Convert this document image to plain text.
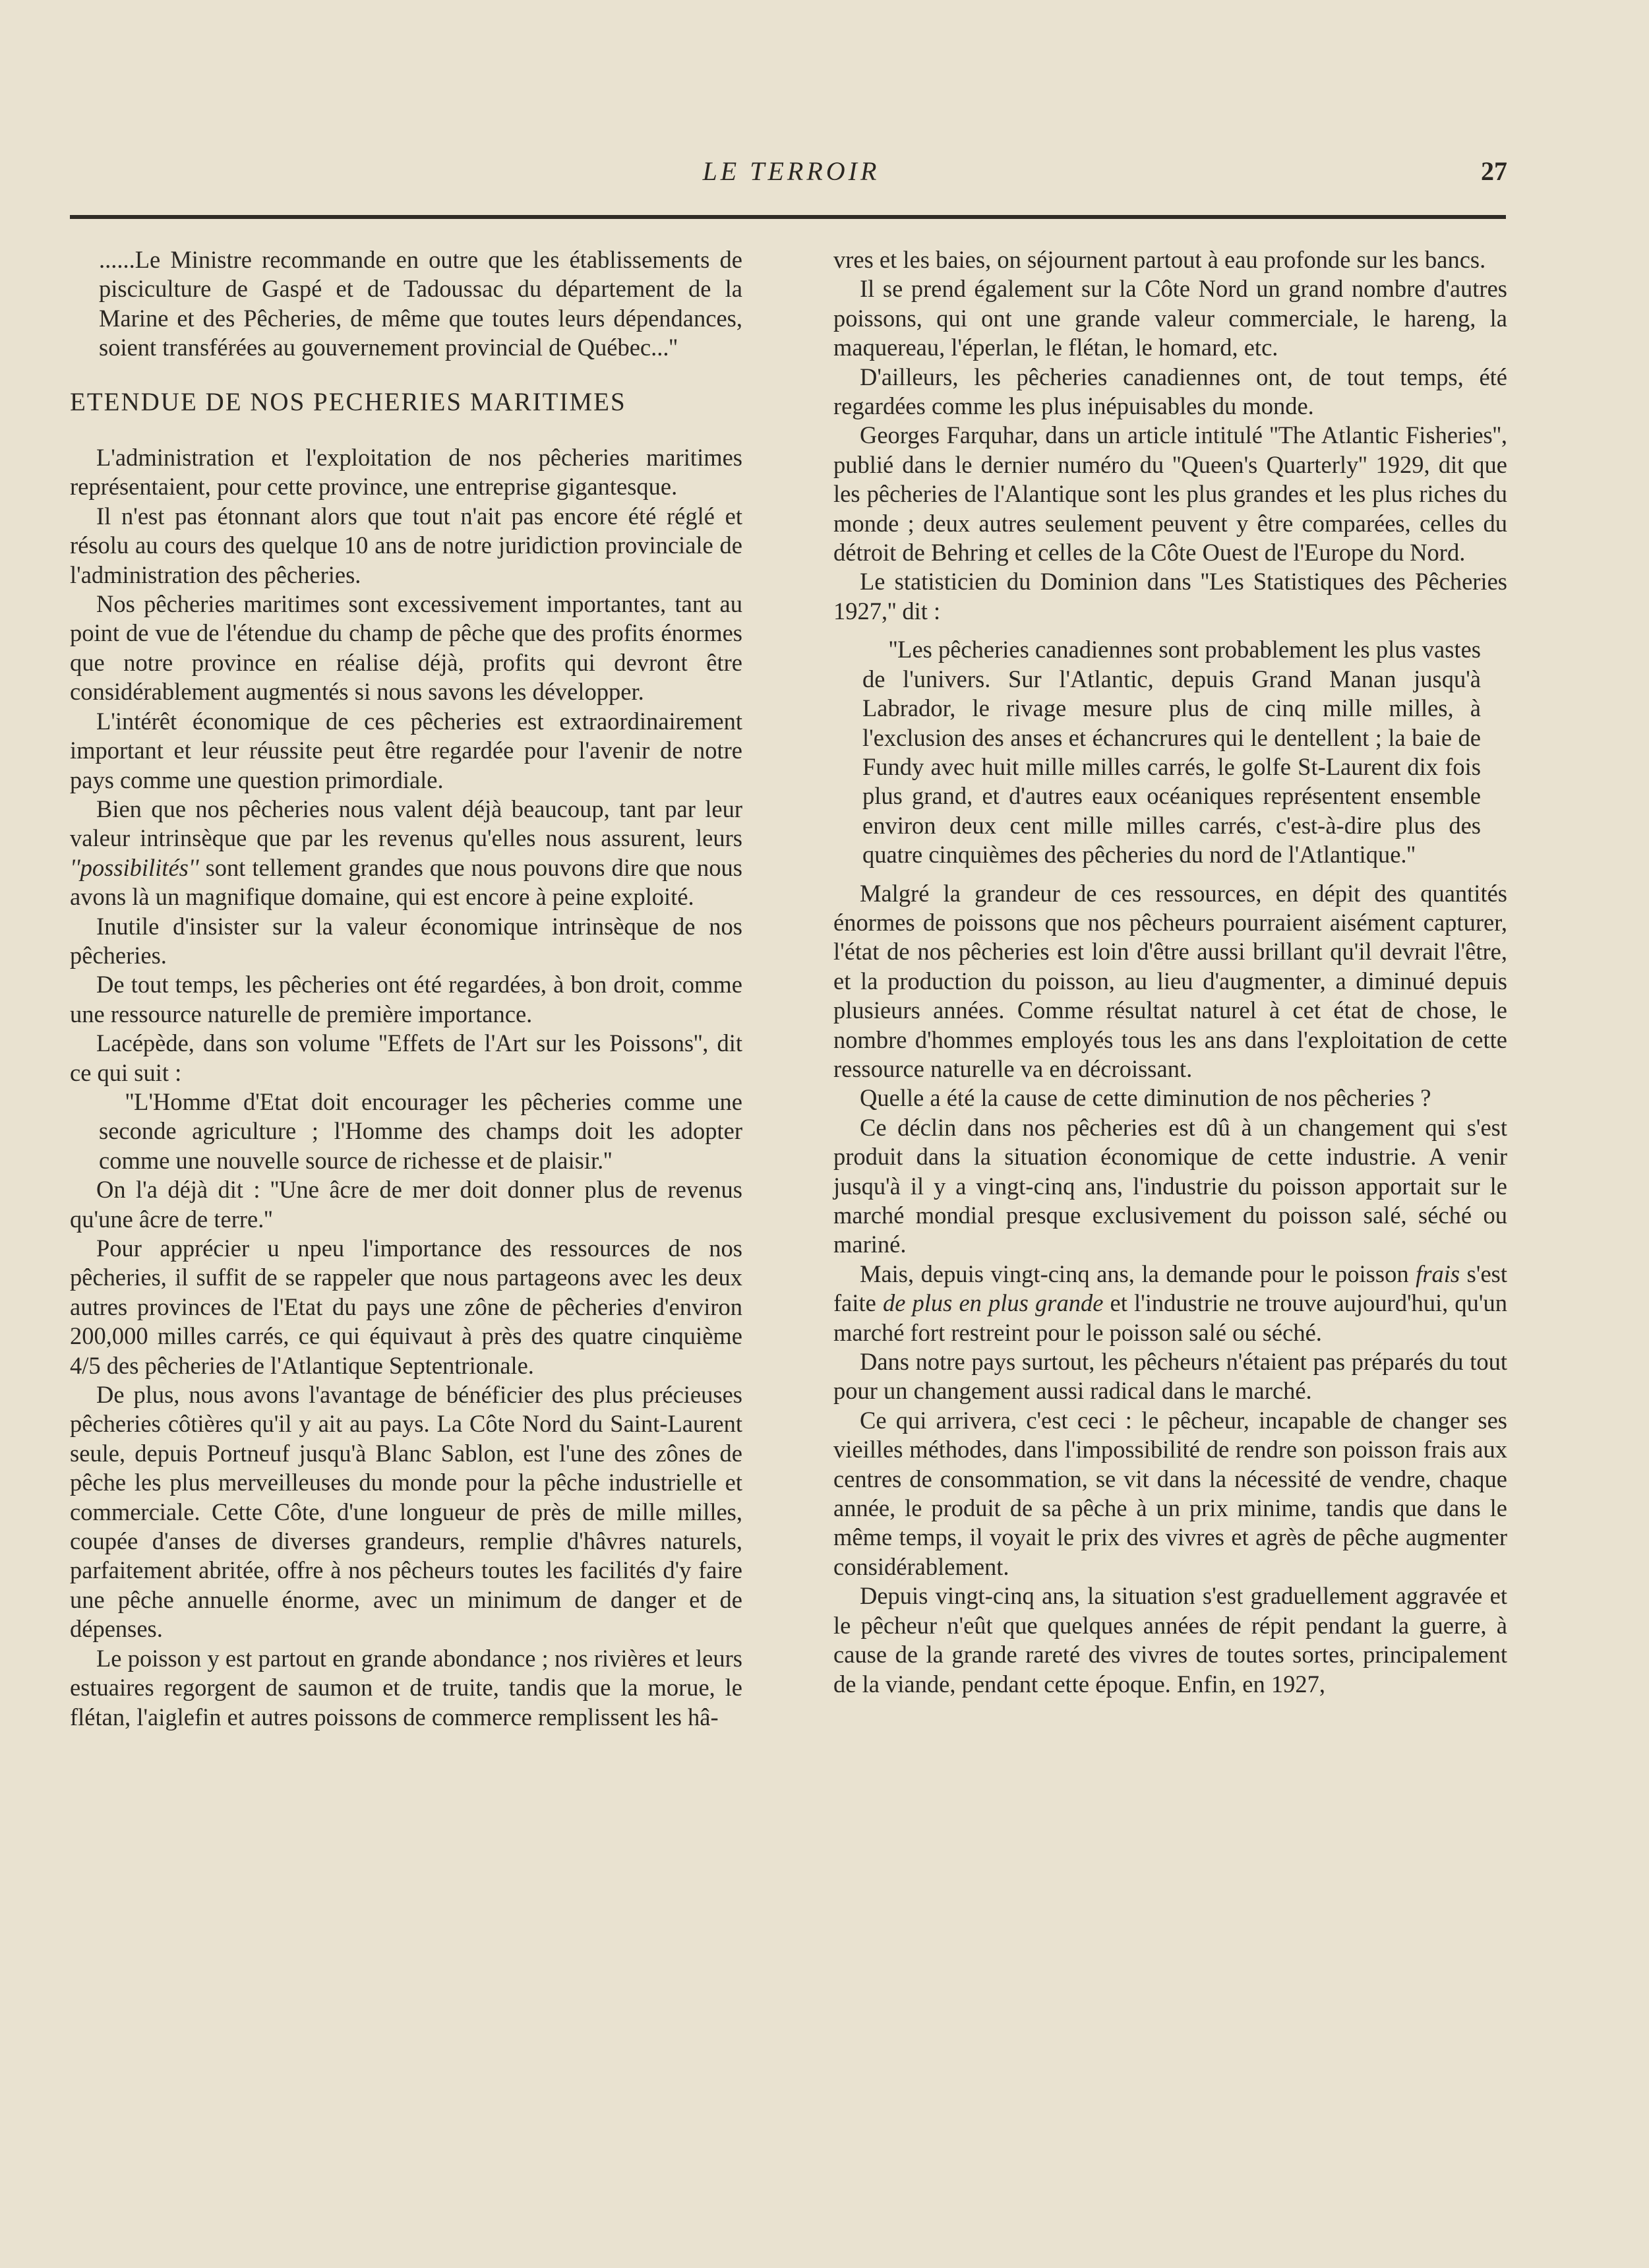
LE TERROIR	27

......Le Ministre recommande en outre que les établissements de pisciculture de Gaspé et de Tadoussac du département de la Marine et des Pêcheries, de même que toutes leurs dépendances, soient transférées au gouvernement provincial de Québec...''

ETENDUE DE NOS PECHERIES MARITIMES

L'administration et l'exploitation de nos pêcheries maritimes représentaient, pour cette province, une entreprise gigantesque.

Il n'est pas étonnant alors que tout n'ait pas encore été réglé et résolu au cours des quelque 10 ans de notre juridiction provinciale de l'administration des pêcheries.

Nos pêcheries maritimes sont excessivement importantes, tant au point de vue de l'étendue du champ de pêche que des profits énormes que notre province en réalise déjà, profits qui devront être considérablement augmentés si nous savons les développer.

L'intérêt économique de ces pêcheries est extraordinairement important et leur réussite peut être regardée pour l'avenir de notre pays comme une question primordiale.

Bien que nos pêcheries nous valent déjà beaucoup, tant par leur valeur intrinsèque que par les revenus qu'elles nous assurent, leurs ''possibilités'' sont tellement grandes que nous pouvons dire que nous avons là un magnifique domaine, qui est encore à peine exploité.

Inutile d'insister sur la valeur économique intrinsèque de nos pêcheries.

De tout temps, les pêcheries ont été regardées, à bon droit, comme une ressource naturelle de première importance.

Lacépède, dans son volume ''Effets de l'Art sur les Poissons'', dit ce qui suit :

''L'Homme d'Etat doit encourager les pêcheries comme une seconde agriculture ; l'Homme des champs doit les adopter comme une nouvelle source de richesse et de plaisir.''

On l'a déjà dit : ''Une âcre de mer doit donner plus de revenus qu'une âcre de terre.''

Pour apprécier u npeu l'importance des ressources de nos pêcheries, il suffit de se rappeler que nous partageons avec les deux autres provinces de l'Etat du pays une zône de pêcheries d'environ 200,000 milles carrés, ce qui équivaut à près des quatre cinquième 4/5 des pêcheries de l'Atlantique Septentrionale.

De plus, nous avons l'avantage de bénéficier des plus précieuses pêcheries côtières qu'il y ait au pays. La Côte Nord du Saint-Laurent seule, depuis Portneuf jusqu'à Blanc Sablon, est l'une des zônes de pêche les plus merveilleuses du monde pour la pêche industrielle et commerciale. Cette Côte, d'une longueur de près de mille milles, coupée d'anses de diverses grandeurs, remplie d'hâvres naturels, parfaitement abritée, offre à nos pêcheurs toutes les facilités d'y faire une pêche annuelle énorme, avec un minimum de danger et de dépenses.

Le poisson y est partout en grande abondance ; nos rivières et leurs estuaires regorgent de saumon et de truite, tandis que la morue, le flétan, l'aiglefin et autres poissons de commerce remplissent les hâ-

vres et les baies, on séjournent partout à eau profonde sur les bancs.

Il se prend également sur la Côte Nord un grand nombre d'autres poissons, qui ont une grande valeur commerciale, le hareng, la maquereau, l'éperlan, le flétan, le homard, etc.

D'ailleurs, les pêcheries canadiennes ont, de tout temps, été regardées comme les plus inépuisables du monde.

Georges Farquhar, dans un article intitulé ''The Atlantic Fisheries'', publié dans le dernier numéro du ''Queen's Quarterly'' 1929, dit que les pêcheries de l'Alantique sont les plus grandes et les plus riches du monde ; deux autres seulement peuvent y être comparées, celles du détroit de Behring et celles de la Côte Ouest de l'Europe du Nord.

Le statisticien du Dominion dans ''Les Statistiques des Pêcheries 1927,'' dit :

''Les pêcheries canadiennes sont probablement les plus vastes de l'univers. Sur l'Atlantic, depuis Grand Manan jusqu'à Labrador, le rivage mesure plus de cinq mille milles, à l'exclusion des anses et échancrures qui le dentellent ; la baie de Fundy avec huit mille milles carrés, le golfe St-Laurent dix fois plus grand, et d'autres eaux océaniques représentent ensemble environ deux cent mille milles carrés, c'est-à-dire plus des quatre cinquièmes des pêcheries du nord de l'Atlantique.''

Malgré la grandeur de ces ressources, en dépit des quantités énormes de poissons que nos pêcheurs pourraient aisément capturer, l'état de nos pêcheries est loin d'être aussi brillant qu'il devrait l'être, et la production du poisson, au lieu d'augmenter, a diminué depuis plusieurs années. Comme résultat naturel à cet état de chose, le nombre d'hommes employés tous les ans dans l'exploitation de cette ressource naturelle va en décroissant.

Quelle a été la cause de cette diminution de nos pêcheries ?

Ce déclin dans nos pêcheries est dû à un changement qui s'est produit dans la situation économique de cette industrie. A venir jusqu'à il y a vingt-cinq ans, l'industrie du poisson apportait sur le marché mondial presque exclusivement du poisson salé, séché ou mariné.

Mais, depuis vingt-cinq ans, la demande pour le poisson frais s'est faite de plus en plus grande et l'industrie ne trouve aujourd'hui, qu'un marché fort restreint pour le poisson salé ou séché.

Dans notre pays surtout, les pêcheurs n'étaient pas préparés du tout pour un changement aussi radical dans le marché.

Ce qui arrivera, c'est ceci : le pêcheur, incapable de changer ses vieilles méthodes, dans l'impossibilité de rendre son poisson frais aux centres de consommation, se vit dans la nécessité de vendre, chaque année, le produit de sa pêche à un prix minime, tandis que dans le même temps, il voyait le prix des vivres et agrès de pêche augmenter considérablement.

Depuis vingt-cinq ans, la situation s'est graduellement aggravée et le pêcheur n'eût que quelques années de répit pendant la guerre, à cause de la grande rareté des vivres de toutes sortes, principalement de la viande, pendant cette époque. Enfin, en 1927,
